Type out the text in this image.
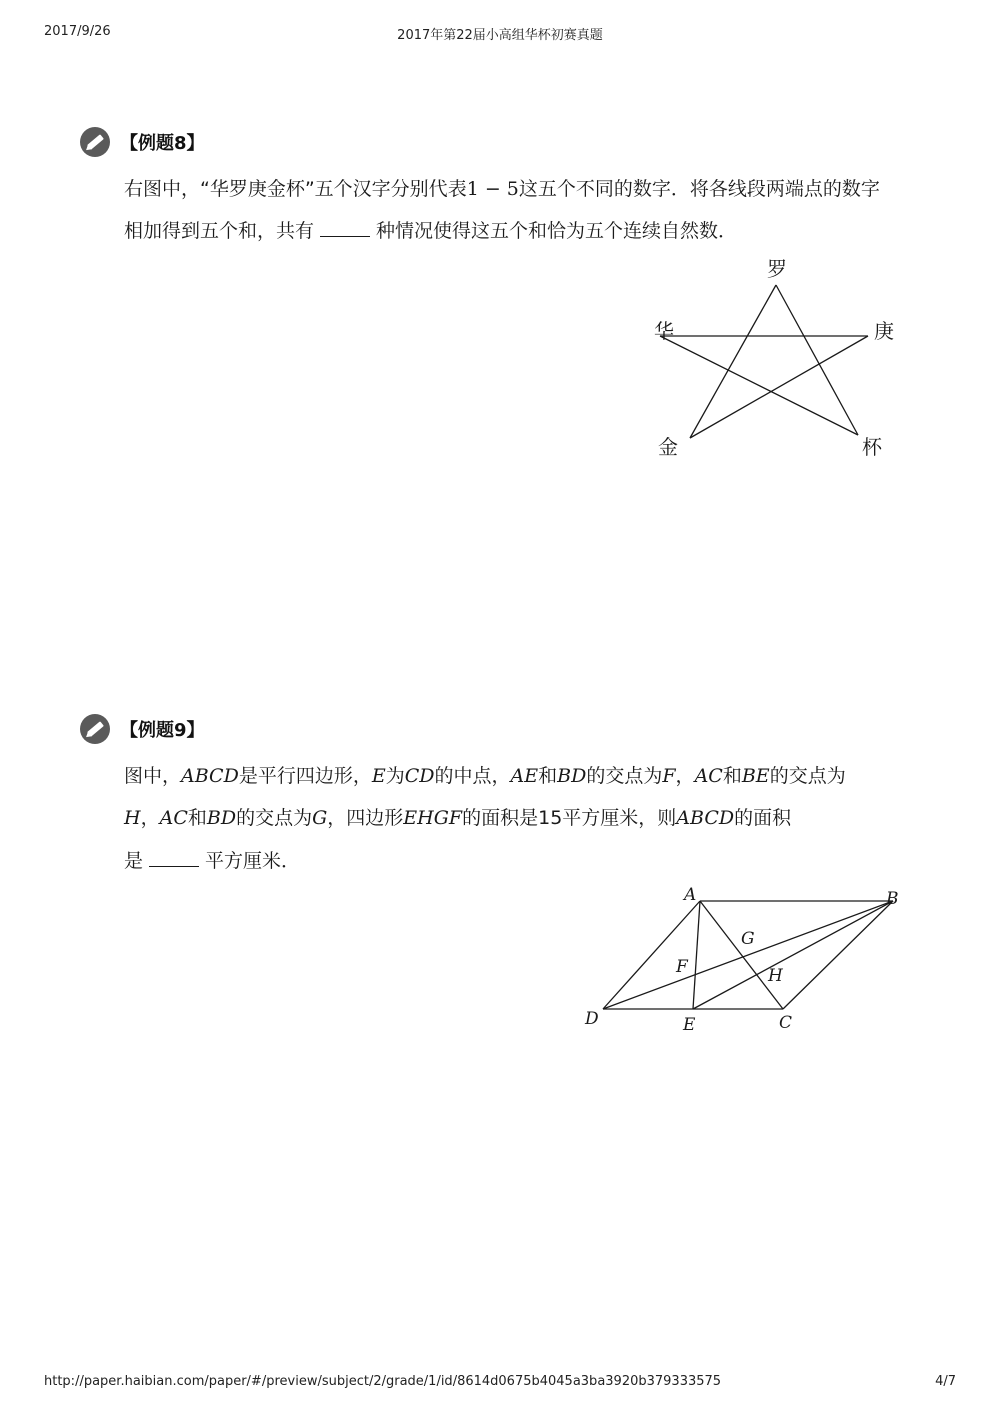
2017/9/26	2017年第22届小高组华杯初赛真题
【例题8】
右图中，“华罗庚金杯”五个汉字分别代表1 − 5这五个不同的数字．将各线段两端点的数字
相加得到五个和，共有	种情况使得这五个和恰为五个连续自然数．
罗
华	庚
金	杯
【例题9】
图中，ABCD是平行四边形，E为CD的中点，AE和BD的交点为F，AC和BE的交点为
H，AC和BD的交点为G，四边形EHGF的面积是15平方厘米，则ABCD的面积
是	平方厘米．
A	B
C
D	E
F
G
H
http://paper.haibian.com/paper/#/preview/subject/2/grade/1/id/8614d0675b4045a3ba3920b379333575	4/7
